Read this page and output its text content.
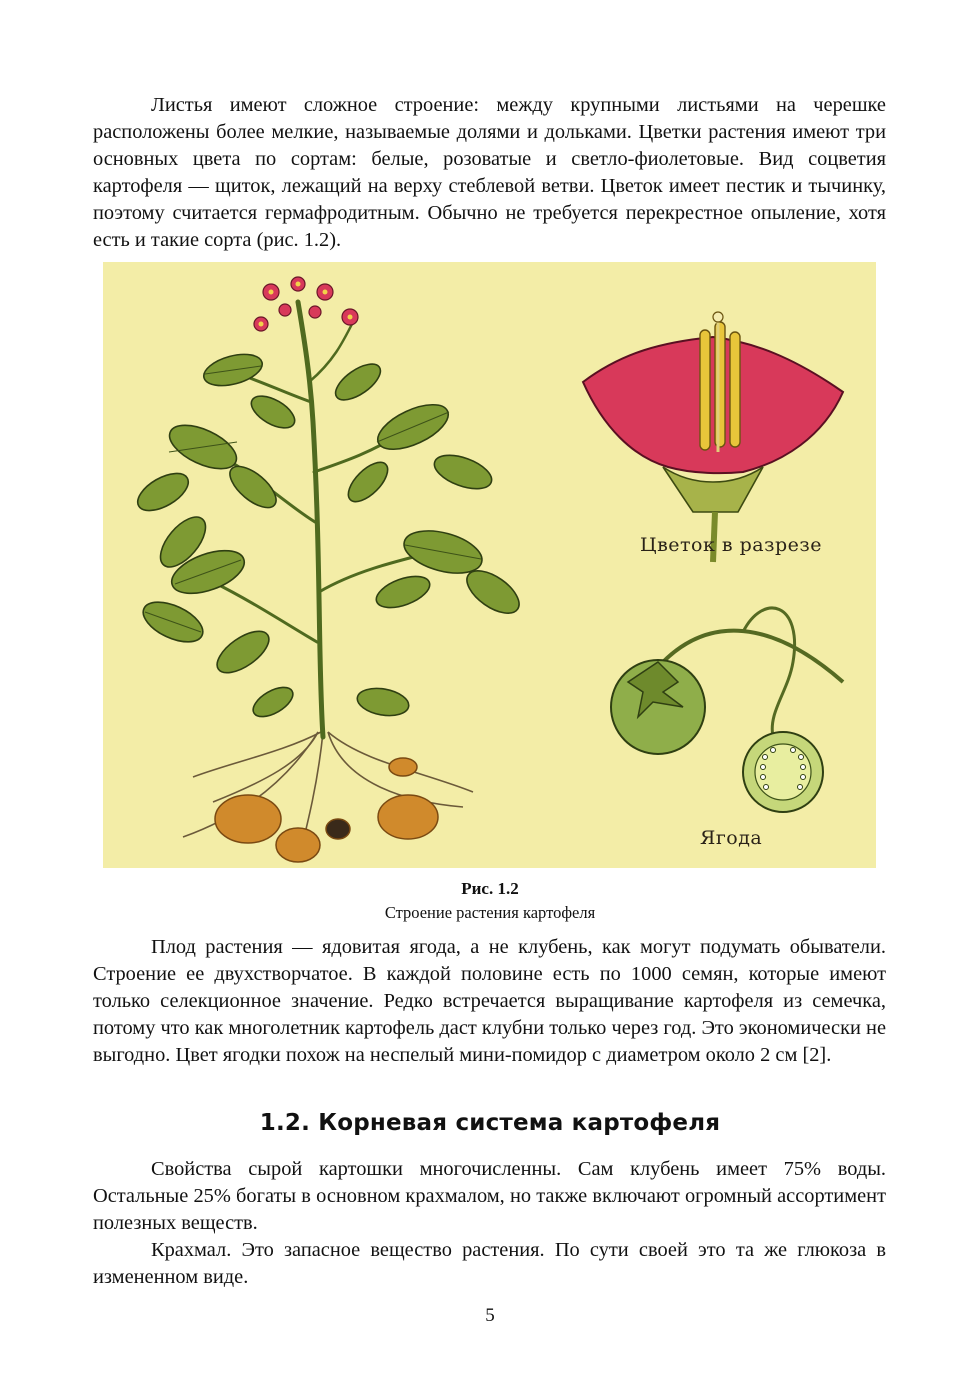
Листья имеют сложное строение: между крупными листьями на черешке расположены более мелкие, называемые долями и дольками. Цветки растения имеют три основных цвета по сортам: белые, розоватые и светло-фиолетовые. Вид соцветия картофеля — щиток, лежащий на верху стеблевой ветви. Цветок имеет пестик и тычинку, поэтому считается гермафродитным. Обычно не требуется перекрестное опыление, хотя есть и такие сорта (рис. 1.2).

Цветок в разрезе
Ягода
Рис. 1.2
Строение растения картофеля

Плод растения — ядовитая ягода, а не клубень, как могут подумать обыватели. Строение ее двухстворчатое. В каждой половине есть по 1000 семян, которые имеют только селекционное значение. Редко встречается выращивание картофеля из семечка, потому что как многолетник картофель даст клубни только через год. Это экономически не выгодно. Цвет ягодки похож на неспелый мини-помидор с диаметром около 2 см [2].

1.2. Корневая система картофеля

Свойства сырой картошки многочисленны. Сам клубень имеет 75% воды. Остальные 25% богаты в основном крахмалом, но также включают огромный ассортимент полезных веществ.

Крахмал. Это запасное вещество растения. По сути своей это та же глюкоза в измененном виде.

5
